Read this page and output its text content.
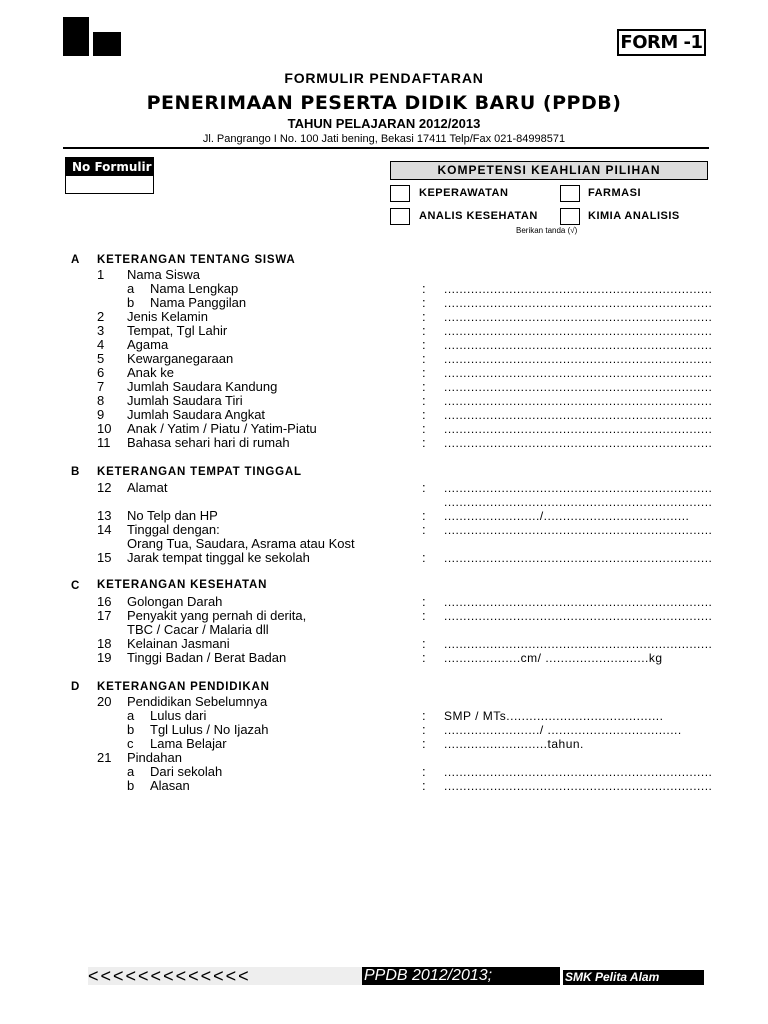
FORM -1
FORMULIR PENDAFTARAN
PENERIMAAN PESERTA DIDIK BARU (PPDB)
TAHUN PELAJARAN 2012/2013
Jl. Pangrango I No. 100 Jati bening, Bekasi 17411 Telp/Fax 021-84998571
No Formulir	KOMPETENSI KEAHLIAN PILIHAN
KEPERAWATAN	FARMASI
ANALIS KESEHATAN	KIMIA ANALISIS
Berikan tanda (√)
A KETERANGAN TENTANG SISWA
B KETERANGAN TEMPAT TINGGAL
C KETERANGAN KESEHATAN
D KETERANGAN PENDIDIKAN
1 Nama Siswa
a Nama Lengkap	: ......................................................................
b Nama Panggilan	: ......................................................................
2 Jenis Kelamin	: ......................................................................
3 Tempat, Tgl Lahir	: ......................................................................
4 Agama	: ......................................................................
5 Kewarganegaraan	: ......................................................................
6 Anak ke	: ......................................................................
7 Jumlah Saudara Kandung	: ......................................................................
8 Jumlah Saudara Tiri	: ......................................................................
9 Jumlah Saudara Angkat	: ......................................................................
10 Anak / Yatim / Piatu / Yatim-Piatu	: ......................................................................
11 Bahasa sehari hari di rumah	: ......................................................................
12 Alamat	: ......................................................................
......................................................................
13 No Telp dan HP	: ........................./......................................
14 Tinggal dengan:	: ......................................................................
Orang Tua, Saudara, Asrama atau Kost
15 Jarak tempat tinggal ke sekolah	: ......................................................................
16 Golongan Darah	: ......................................................................
17 Penyakit yang pernah di derita,	: ......................................................................
TBC / Cacar / Malaria dll
18 Kelainan Jasmani	: ......................................................................
19 Tinggi Badan / Berat Badan	: ....................cm/ ...........................kg
20 Pendidikan Sebelumnya
a Lulus dari	: SMP / MTs.........................................
b Tgl Lulus / No Ijazah	: ........................./ ...................................
c Lama Belajar	: ...........................tahun.
21 Pindahan
a Dari sekolah	: ......................................................................
b Alasan	: ......................................................................
<<<<<<<<<<<<<	PPDB 2012/2013;	SMK Pelita Alam
